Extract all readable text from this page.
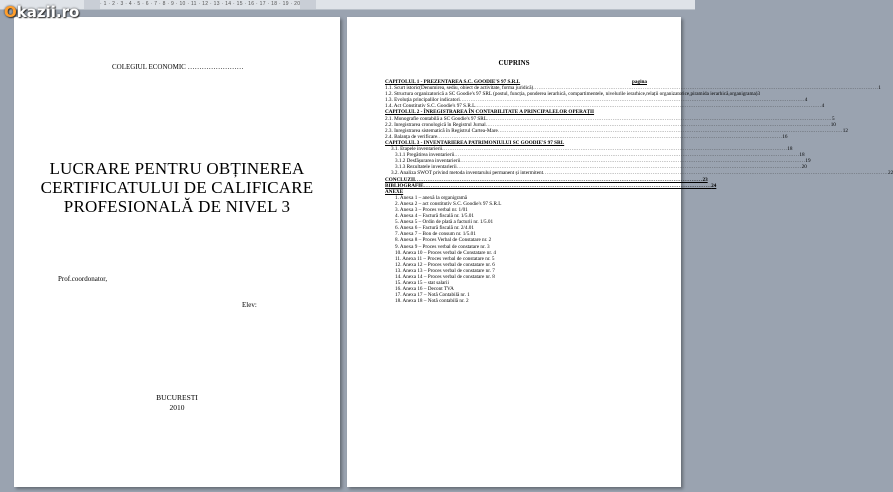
· 1 · 2 · 3 · 4 · 5 · 6 · 7 · 8 · 9 · 10 · 11 · 12 · 13 · 14 · 15 · 16 · 17 · 18 · 19 · 20
Okazii.ro
COLEGIUL ECONOMIC ……………………
LUCRARE PENTRU OBȚINEREA CERTIFICATULUI DE CALIFICARE PROFESIONALĂ DE NIVEL 3
Prof.coordonator,
Elev:
BUCURESTI
2010
CUPRINS
CAPITOLUL 1 - PREZENTAREA S.C. GOODIE'S 97 S.R.L	pagina
1.1. Scurt istoric(Denumirea, sediu, obiect de activitate, forma juridică) ................................................................................................................................................................................................ 1
1.2. Structura organizatorică a SC Goodie's 97 SRL (postul, funcția, ponderea ierarhică, compartimentele, nivelurile ierarhice,relații organizatorice,piramida ierarhică,organigrama) 3
1.3. Evoluția principalilor indicatori ................................................................................................................................................................................................ 4
1.4. Act Constitutiv S.C. Goodie's 97 S.R.L. ................................................................................................................................................................................................ 4
CAPITOLUL 2 - ÎNREGISTRAREA ÎN CONTABILITATE A PRINCIPALELOR OPERAȚII
2.1. Monografie contabilă a SC Goodie's 97 SRL ................................................................................................................................................................................................ 5
2.2. Inregistrarea cronologică în Registrul Jurnal ................................................................................................................................................................................................ 10
2.3. Inregistrarea sistematică în Registrul Cartea-Mare ................................................................................................................................................................................................ 12
2.4. Balanța de verificare ................................................................................................................................................................................................ 16
CAPITOLUL 3 - INVENTARIEREA PATRIMONIULUI SC GOODIE'S 97 SRL
3.1. Etapele inventarierii ................................................................................................................................................................................................ 18
3.1.1 Pregătirea inventarierii ................................................................................................................................................................................................ 18
3.1.2 Desfășurarea inventarierii ................................................................................................................................................................................................ 19
3.1.3 Rezultatele inventarierii ................................................................................................................................................................................................ 20
3.2. Analiza SWOT privind metoda inventarului permanent și intermitent ................................................................................................................................................................................................ 22
CONCLUZII ................................................................................................................................................................ 23
BIBLIOGRAFIE ................................................................................................................................................................ 24
ANEXE
1. Anexa 1 – anexă la organigramă
2. Anexa 2 – act constitutiv S.C. Goodie's 97 S.R.L
3. Anexa 3 – Proces verbal nr. 1/01
4. Anexa 4 – Factură fiscală nr. 1/5.01
5. Anexa 5 – Ordin de plată a facturii nr. 1/5.01
6. Anexa 6 – Factură fiscală nr. 2/4.01
7. Anexa 7 – Bon de consum nr. 1/5.01
8. Anexa 8 – Proces Verbal de Constatare nr. 2
9. Anexa 9 – Proces verbal de constatare nr. 3
10. Anexa 10 – Proces verbal de Constatare nr. 4
11. Anexa 11 – Proces verbal de constatare nr. 5
12. Anexa 12 – Proces verbal de constatare nr. 6
13. Anexa 13 – Proces verbal de constatare nr. 7
14. Anexa 14 – Proces verbal de constatare nr. 8
15. Anexa 15 – stat salarii
16. Anexa 16 – Decont TVA
17. Anexa 17 – Notă Contabilă nr. 1
18. Anexa 18 – Notă contabilă nr. 2
